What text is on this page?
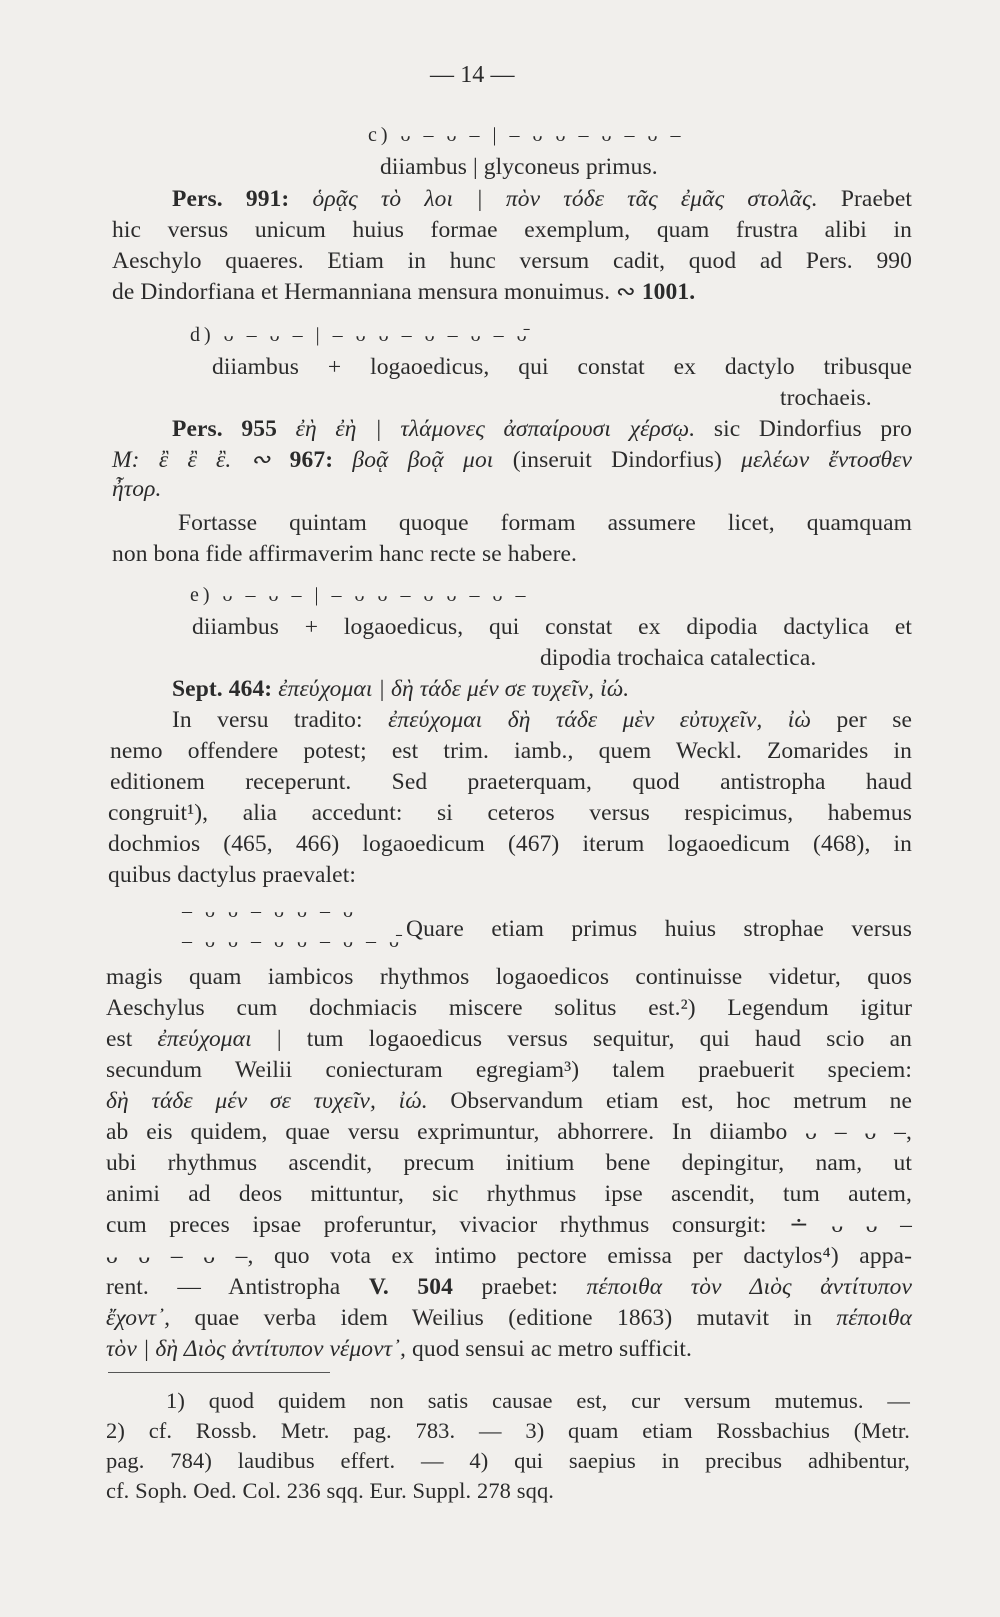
— 14 —
c) ᴗ – ᴗ – | – ᴗ ᴗ – ᴗ – ᴗ –
diiambus | glyconeus primus.
Pers. 991: ὁρᾷς τὸ λοι | πὸν τόδε τᾶς ἐμᾶς στολᾶς. Praebet
hic versus unicum huius formae exemplum, quam frustra alibi in
Aeschylo quaeres. Etiam in hunc versum cadit, quod ad Pers. 990
de Dindorfiana et Hermanniana mensura monuimus. ∾ 1001.
d) ᴗ – ᴗ – | – ᴗ ᴗ – ᴗ – ᴗ – ᴗ̄
diiambus + logaoedicus, qui constat ex dactylo tribusque
trochaeis.
Pers. 955 ἐὴ ἐὴ | τλάμονες ἀσπαίρουσι χέρσῳ. sic Dindorfius pro
M: ἒ ἒ ἒ. ∾ 967: βοᾷ βοᾷ μοι (inseruit Dindorfius) μελέων ἔντοσθεν
ἦτορ.
Fortasse quintam quoque formam assumere licet, quamquam
non bona fide affirmaverim hanc recte se habere.
e) ᴗ – ᴗ – | – ᴗ ᴗ – ᴗ ᴗ – ᴗ –
diiambus + logaoedicus, qui constat ex dipodia dactylica et
dipodia trochaica catalectica.
Sept. 464: ἐπεύχομαι | δὴ τάδε μέν σε τυχεῖν, ἰώ.
In versu tradito: ἐπεύχομαι δὴ τάδε μὲν εὐτυχεῖν, ἰὼ per se
nemo offendere potest; est trim. iamb., quem Weckl. Zomarides in
editionem receperunt. Sed praeterquam, quod antistropha haud
congruit¹), alia accedunt: si ceteros versus respicimus, habemus
dochmios (465, 466) logaoedicum (467) iterum logaoedicum (468), in
quibus dactylus praevalet:
– ᴗ ᴗ – ᴗ ᴗ – ᴗ
– ᴗ ᴗ – ᴗ ᴗ – ᴗ – ᴗ̄ Quare etiam primus huius strophae versus
magis quam iambicos rhythmos logaoedicos continuisse videtur, quos
Aeschylus cum dochmiacis miscere solitus est.²) Legendum igitur
est ἐπεύχομαι | tum logaoedicus versus sequitur, qui haud scio an
secundum Weilii coniecturam egregiam³) talem praebuerit speciem:
δὴ τάδε μέν σε τυχεῖν, ἰώ. Observandum etiam est, hoc metrum ne
ab eis quidem, quae versu exprimuntur, abhorrere. In diiambo ᴗ – ᴗ –,
ubi rhythmus ascendit, precum initium bene depingitur, nam, ut
animi ad deos mittuntur, sic rhythmus ipse ascendit, tum autem,
cum preces ipsae proferuntur, vivacior rhythmus consurgit: ∸ ᴗ ᴗ –
ᴗ ᴗ – ᴗ –, quo vota ex intimo pectore emissa per dactylos⁴) appa-
rent. — Antistropha V. 504 praebet: πέποιθα τὸν Διὸς ἀντίτυπον
ἔχοντ᾽, quae verba idem Weilius (editione 1863) mutavit in πέποιθα
τὸν | δὴ Διὸς ἀντίτυπον νέμοντ᾽, quod sensui ac metro sufficit.
1) quod quidem non satis causae est, cur versum mutemus. —
2) cf. Rossb. Metr. pag. 783. — 3) quam etiam Rossbachius (Metr.
pag. 784) laudibus effert. — 4) qui saepius in precibus adhibentur,
cf. Soph. Oed. Col. 236 sqq. Eur. Suppl. 278 sqq.
